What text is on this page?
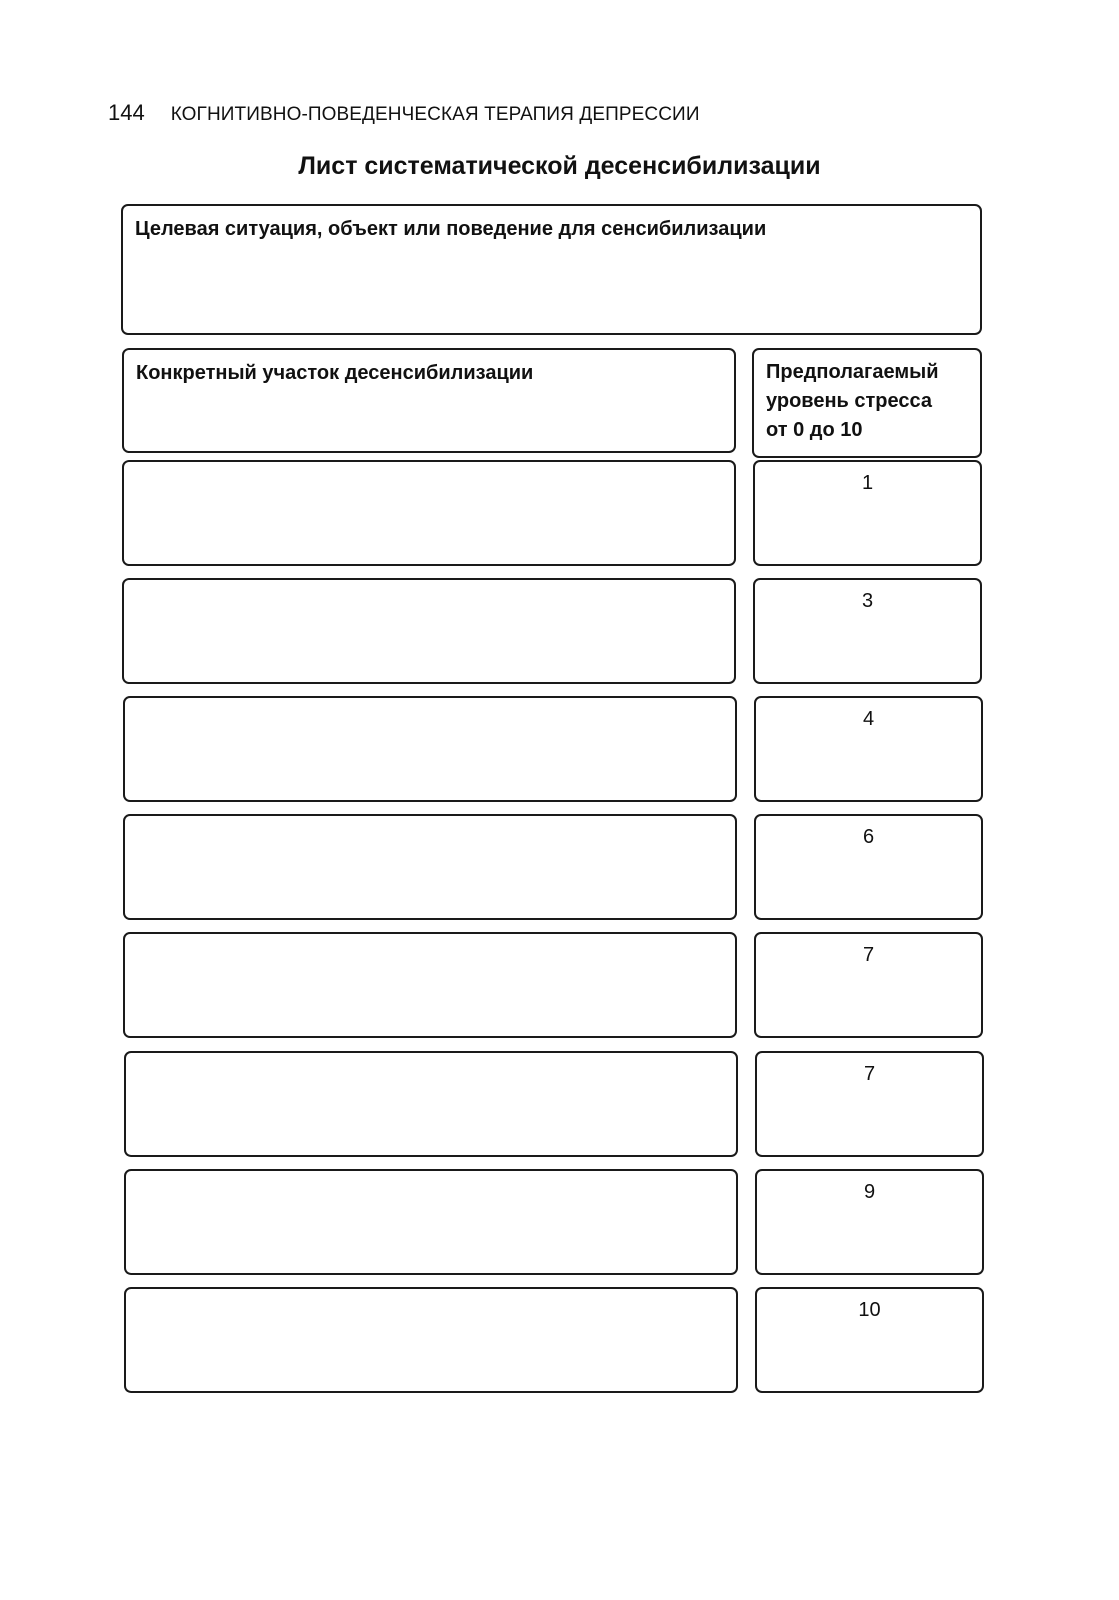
144 КОГНИТИВНО-ПОВЕДЕНЧЕСКАЯ ТЕРАПИЯ ДЕПРЕССИИ
Лист систематической десенсибилизации
Целевая ситуация, объект или поведение для сенсибилизации
Конкретный участок десенсибилизации	Предполагаемый
уровень стресса
от 0 до 10
1
3
4
6
7
7
9
10
